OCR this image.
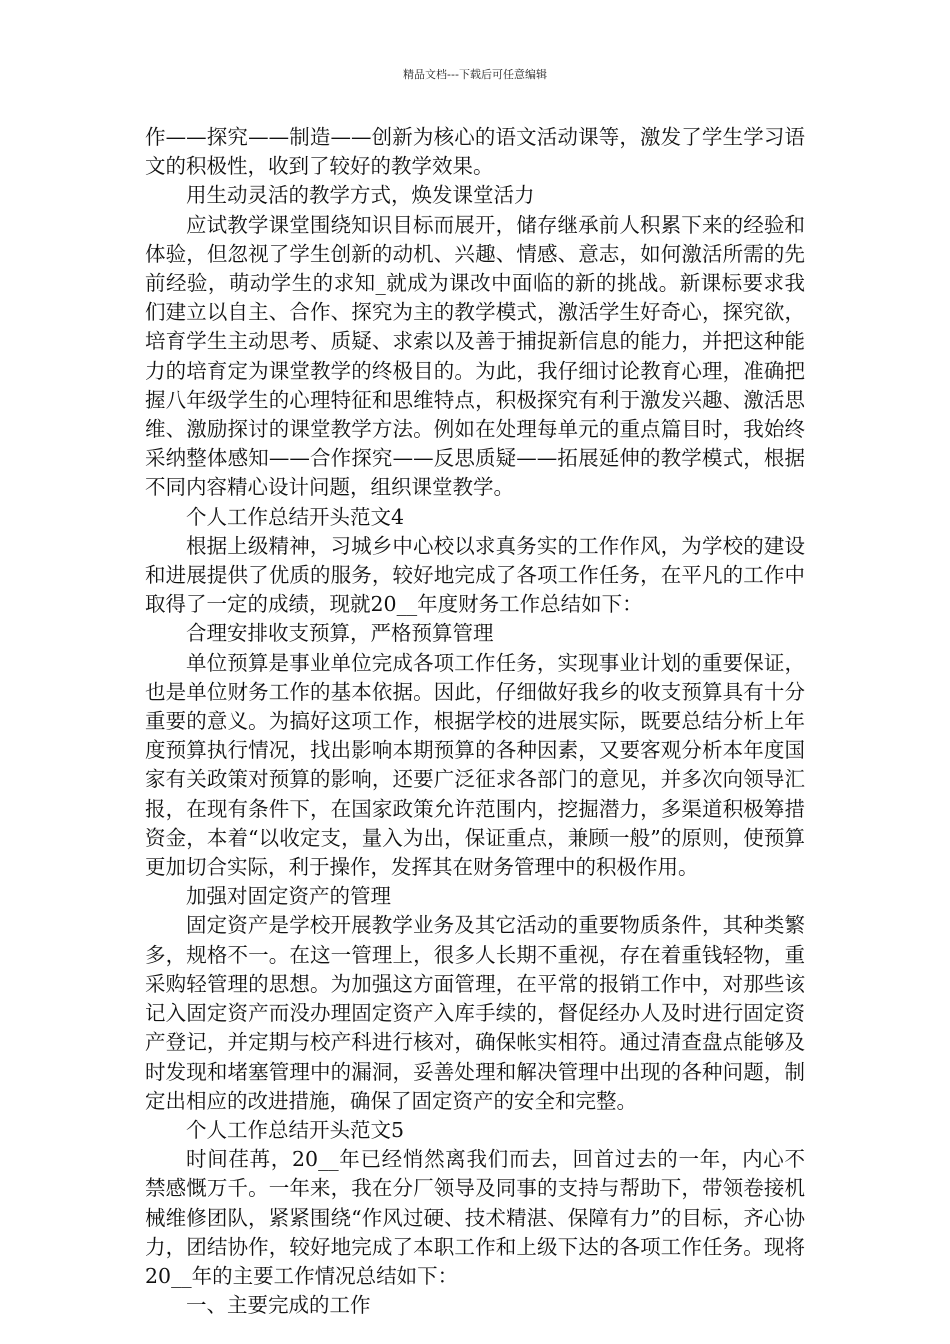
精品文档---下载后可任意编辑

作——探究——制造——创新为核心的语文活动课等，激发了学生学习语文的积极性，收到了较好的教学效果。

用生动灵活的教学方式，焕发课堂活力

应试教学课堂围绕知识目标而展开，储存继承前人积累下来的经验和体验，但忽视了学生创新的动机、兴趣、情感、意志，如何激活所需的先前经验，萌动学生的求知_就成为课改中面临的新的挑战。新课标要求我们建立以自主、合作、探究为主的教学模式，激活学生好奇心，探究欲，培育学生主动思考、质疑、求索以及善于捕捉新信息的能力，并把这种能力的培育定为课堂教学的终极目的。为此，我仔细讨论教育心理，准确把握八年级学生的心理特征和思维特点，积极探究有利于激发兴趣、激活思维、激励探讨的课堂教学方法。例如在处理每单元的重点篇目时，我始终采纳整体感知——合作探究——反思质疑——拓展延伸的教学模式，根据不同内容精心设计问题，组织课堂教学。

个人工作总结开头范文4

根据上级精神，习城乡中心校以求真务实的工作作风，为学校的建设和进展提供了优质的服务，较好地完成了各项工作任务，在平凡的工作中取得了一定的成绩，现就20__年度财务工作总结如下：

合理安排收支预算，严格预算管理

单位预算是事业单位完成各项工作任务，实现事业计划的重要保证，也是单位财务工作的基本依据。因此，仔细做好我乡的收支预算具有十分重要的意义。为搞好这项工作，根据学校的进展实际，既要总结分析上年度预算执行情况，找出影响本期预算的各种因素，又要客观分析本年度国家有关政策对预算的影响，还要广泛征求各部门的意见，并多次向领导汇报，在现有条件下，在国家政策允许范围内，挖掘潜力，多渠道积极筹措资金，本着“以收定支，量入为出，保证重点，兼顾一般”的原则，使预算更加切合实际，利于操作，发挥其在财务管理中的积极作用。

加强对固定资产的管理

固定资产是学校开展教学业务及其它活动的重要物质条件，其种类繁多，规格不一。在这一管理上，很多人长期不重视，存在着重钱轻物，重采购轻管理的思想。为加强这方面管理，在平常的报销工作中，对那些该记入固定资产而没办理固定资产入库手续的，督促经办人及时进行固定资产登记，并定期与校产科进行核对，确保帐实相符。通过清查盘点能够及时发现和堵塞管理中的漏洞，妥善处理和解决管理中出现的各种问题，制定出相应的改进措施，确保了固定资产的安全和完整。

个人工作总结开头范文5

时间荏苒，20__年已经悄然离我们而去，回首过去的一年，内心不禁感慨万千。一年来，我在分厂领导及同事的支持与帮助下，带领卷接机械维修团队，紧紧围绕“作风过硬、技术精湛、保障有力”的目标，齐心协力，团结协作，较好地完成了本职工作和上级下达的各项工作任务。现将20__年的主要工作情况总结如下：

一、主要完成的工作
